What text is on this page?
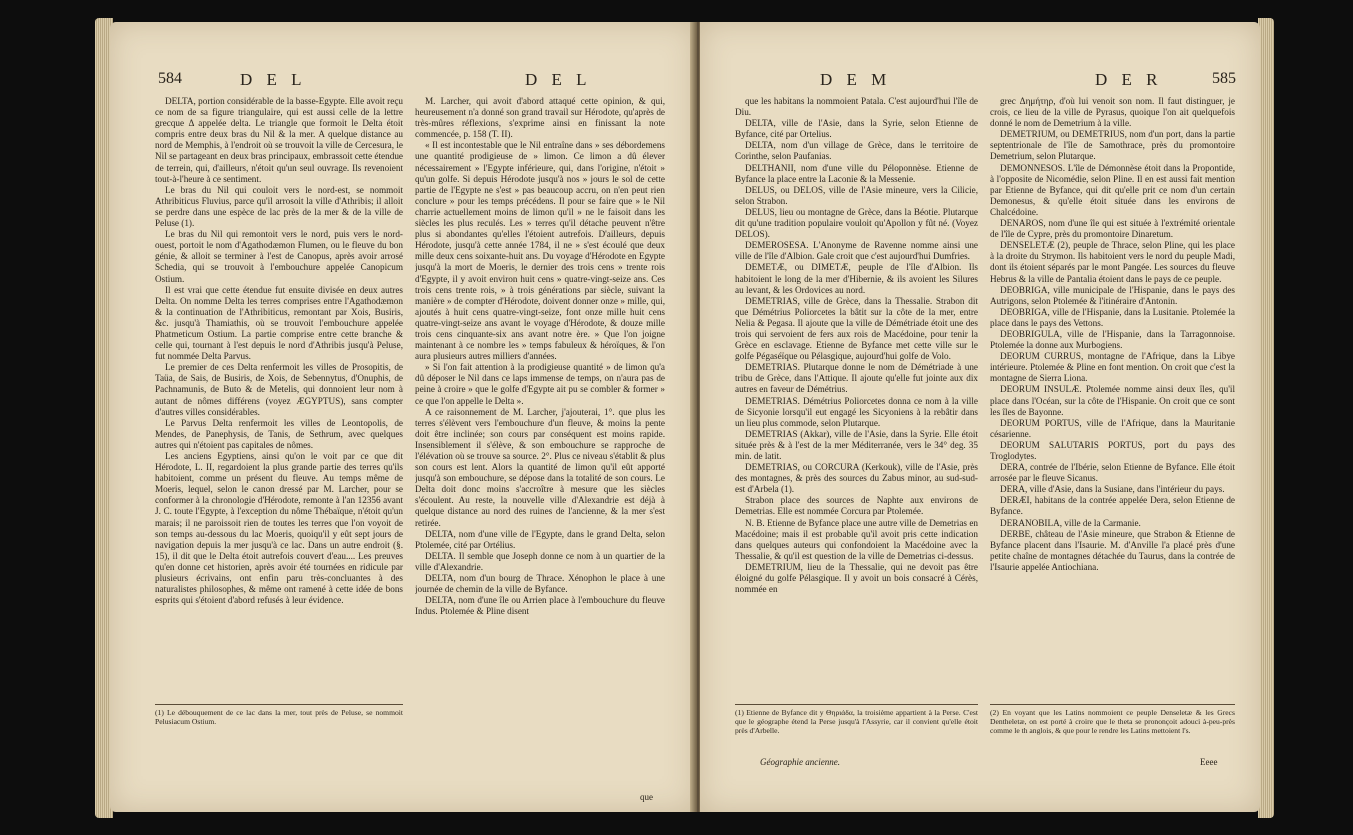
584	D E L	D E L

DELTA, portion considérable de la basse-Egypte. Elle avoit reçu ce nom de sa figure triangulaire, qui est aussi celle de la lettre grecque Δ appelée delta. Le triangle que formoit le Delta étoit compris entre deux bras du Nil & la mer. A quelque distance au nord de Memphis, à l'endroit où se trouvoit la ville de Cercesura, le Nil se partageant en deux bras principaux, embrassoit cette étendue de terrein, qui, d'ailleurs, n'étoit qu'un seul ouvrage. Ils revenoient tout-à-l'heure à ce sentiment.

Le bras du Nil qui couloit vers le nord-est, se nommoit Athribiticus Fluvius, parce qu'il arrosoit la ville d'Athribis; il alloit se perdre dans une espèce de lac près de la mer & de la ville de Peluse (1).

Le bras du Nil qui remontoit vers le nord, puis vers le nord-ouest, portoit le nom d'Agathodæmon Flumen, ou le fleuve du bon génie, & alloit se terminer à l'est de Canopus, après avoir arrosé Schedia, qui se trouvoit à l'embouchure appelée Canopicum Ostium.

Il est vrai que cette étendue fut ensuite divisée en deux autres Delta. On nomme Delta les terres comprises entre l'Agathodæmon & la continuation de l'Athribiticus, remontant par Xois, Busiris, &c. jusqu'à Thamiathis, où se trouvoit l'embouchure appelée Phatmeticum Ostium. La partie comprise entre cette branche & celle qui, tournant à l'est depuis le nord d'Athribis jusqu'à Peluse, fut nommée Delta Parvus.

Le premier de ces Delta renfermoit les villes de Prosopitis, de Taüa, de Sais, de Busiris, de Xois, de Sebennytus, d'Onuphis, de Pachnamunis, de Buto & de Metelis, qui donnoient leur nom à autant de nômes différens (voyez ÆGYPTUS), sans compter d'autres villes considérables.

Le Parvus Delta renfermoit les villes de Leontopolis, de Mendes, de Panephysis, de Tanis, de Sethrum, avec quelques autres qui n'étoient pas capitales de nômes.

Les anciens Egyptiens, ainsi qu'on le voit par ce que dit Hérodote, L. II, regardoient la plus grande partie des terres qu'ils habitoient, comme un présent du fleuve. Au temps même de Moeris, lequel, selon le canon dressé par M. Larcher, pour se conformer à la chronologie d'Hérodote, remonte à l'an 12356 avant J. C. toute l'Egypte, à l'exception du nôme Thébaïque, n'étoit qu'un marais; il ne paroissoit rien de toutes les terres que l'on voyoit de son temps au-dessous du lac Moeris, quoiqu'il y eût sept jours de navigation depuis la mer jusqu'à ce lac. Dans un autre endroit (§. 15), il dit que le Delta étoit autrefois couvert d'eau.... Les preuves qu'en donne cet historien, après avoir été tournées en ridicule par plusieurs écrivains, ont enfin paru très-concluantes à des naturalistes philosophes, & même ont ramené à cette idée de bons esprits qui s'étoient d'abord refusés à leur évidence.

(1) Le débouquement de ce lac dans la mer, tout près de Peluse, se nommoit Pelusiacum Ostium.

M. Larcher, qui avoit d'abord attaqué cette opinion, & qui, heureusement n'a donné son grand travail sur Hérodote, qu'après de très-mûres réflexions, s'exprime ainsi en finissant la note commencée, p. 158 (T. II).

« Il est incontestable que le Nil entraîne dans » ses débordemens une quantité prodigieuse de » limon. Ce limon a dû élever nécessairement » l'Egypte inférieure, qui, dans l'origine, n'étoit » qu'un golfe. Si depuis Hérodote jusqu'à nos » jours le sol de cette partie de l'Egypte ne s'est » pas beaucoup accru, on n'en peut rien conclure » pour les temps précédens. Il pour se faire que » le Nil charrie actuellement moins de limon qu'il » ne le faisoit dans les siècles les plus reculés. Les » terres qu'il détache peuvent n'être plus si abondantes qu'elles l'étoient autrefois. D'ailleurs, depuis Hérodote, jusqu'à cette année 1784, il ne » s'est écoulé que deux mille deux cens soixante-huit ans. Du voyage d'Hérodote en Egypte jusqu'à la mort de Moeris, le dernier des trois cens » trente rois d'Egypte, il y avoit environ huit cens » quatre-vingt-seize ans. Ces trois cens trente rois, » à trois générations par siècle, suivant la manière » de compter d'Hérodote, doivent donner onze » mille, qui, ajoutés à huit cens quatre-vingt-seize, font onze mille huit cens quatre-vingt-seize ans avant le voyage d'Hérodote, & douze mille trois cens cinquante-six ans avant notre ère. » Que l'on joigne maintenant à ce nombre les » temps fabuleux & héroïques, & l'on aura plusieurs autres milliers d'années.

» Si l'on fait attention à la prodigieuse quantité » de limon qu'a dû déposer le Nil dans ce laps immense de temps, on n'aura pas de peine à croire » que le golfe d'Egypte ait pu se combler & former » ce que l'on appelle le Delta ».

A ce raisonnement de M. Larcher, j'ajouterai, 1°. que plus les terres s'élèvent vers l'embouchure d'un fleuve, & moins la pente doit être inclinée; son cours par conséquent est moins rapide. Insensiblement il s'élève, & son embouchure se rapproche de l'élévation où se trouve sa source. 2°. Plus ce niveau s'établit & plus son cours est lent. Alors la quantité de limon qu'il eût apporté jusqu'à son embouchure, se dépose dans la totalité de son cours. Le Delta doit donc moins s'accroître à mesure que les siècles s'écoulent. Au reste, la nouvelle ville d'Alexandrie est déjà à quelque distance au nord des ruines de l'ancienne, & la mer s'est retirée.

DELTA, nom d'une ville de l'Egypte, dans le grand Delta, selon Ptolemée, cité par Ortélius.

DELTA. Il semble que Joseph donne ce nom à un quartier de la ville d'Alexandrie.

DELTA, nom d'un bourg de Thrace. Xénophon le place à une journée de chemin de la ville de Byfance.

DELTA, nom d'une île ou Arrien place à l'embouchure du fleuve Indus. Ptolemée & Pline disent

que
D E M	D E R	585

que les habitans la nommoient Patala. C'est aujourd'hui l'île de Diu.

DELTA, ville de l'Asie, dans la Syrie, selon Etienne de Byfance, cité par Ortelius.

DELTA, nom d'un village de Grèce, dans le territoire de Corinthe, selon Paufanias.

DELTHANII, nom d'une ville du Péloponnèse. Etienne de Byfance la place entre la Laconie & la Messenie.

DELUS, ou DELOS, ville de l'Asie mineure, vers la Cilicie, selon Strabon.

DELUS, lieu ou montagne de Grèce, dans la Béotie. Plutarque dit qu'une tradition populaire vouloit qu'Apollon y fût né. (Voyez DELOS).

DEMEROSESA. L'Anonyme de Ravenne nomme ainsi une ville de l'île d'Albion. Gale croit que c'est aujourd'hui Dumfries.

DEMETÆ, ou DIMETÆ, peuple de l'île d'Albion. Ils habitoient le long de la mer d'Hibernie, & ils avoient les Silures au levant, & les Ordovices au nord.

DEMETRIAS, ville de Grèce, dans la Thessalie. Strabon dit que Démétrius Poliorcetes la bâtit sur la côte de la mer, entre Nelia & Pegasa. Il ajoute que la ville de Démétriade étoit une des trois qui servoient de fers aux rois de Macédoine, pour tenir la Grèce en esclavage. Etienne de Byfance met cette ville sur le golfe Pégaséïque ou Pélasgique, aujourd'hui golfe de Volo.

DEMETRIAS. Plutarque donne le nom de Démétriade à une tribu de Grèce, dans l'Attique. Il ajoute qu'elle fut jointe aux dix autres en faveur de Démétrius.

DEMETRIAS. Démétrius Poliorcetes donna ce nom à la ville de Sicyonie lorsqu'il eut engagé les Sicyoniens à la rebâtir dans un lieu plus commode, selon Plutarque.

DEMETRIAS (Akkar), ville de l'Asie, dans la Syrie. Elle étoit située près & à l'est de la mer Méditerranée, vers le 34° deg. 35 min. de latit.

DEMETRIAS, ou CORCURA (Kerkouk), ville de l'Asie, près des montagnes, & près des sources du Zabus minor, au sud-sud-est d'Arbela (1).

Strabon place des sources de Naphte aux environs de Demetrias. Elle est nommée Corcura par Ptolemée.

N. B. Etienne de Byfance place une autre ville de Demetrias en Macédoine; mais il est probable qu'il avoit pris cette indication dans quelques auteurs qui confondoient la Macédoine avec la Thessalie, & qu'il est question de la ville de Demetrias ci-dessus.

DEMETRIUM, lieu de la Thessalie, qui ne devoit pas être éloigné du golfe Pélasgique. Il y avoit un bois consacré à Cérès, nommée en

(1) Etienne de Byfance dit y Θηριάδα, la troisième appartient à la Perse. C'est que le géographe étend la Perse jusqu'à l'Assyrie, car il convient qu'elle étoit près d'Arbelle.

Géographie ancienne.

grec Δημήτηρ, d'où lui venoit son nom. Il faut distinguer, je crois, ce lieu de la ville de Pyrasus, quoique l'on ait quelquefois donné le nom de Demetrium à la ville.

DEMETRIUM, ou DEMETRIUS, nom d'un port, dans la partie septentrionale de l'île de Samothrace, près du promontoire Demetrium, selon Plutarque.

DEMONNESOS. L'île de Démonnèse étoit dans la Propontide, à l'opposite de Nicomédie, selon Pline. Il en est aussi fait mention par Etienne de Byfance, qui dit qu'elle prit ce nom d'un certain Demonesus, & qu'elle étoit située dans les environs de Chalcédoine.

DENAROS, nom d'une île qui est située à l'extrémité orientale de l'île de Cypre, près du promontoire Dinaretum.

DENSELETÆ (2), peuple de Thrace, selon Pline, qui les place à la droite du Strymon. Ils habitoient vers le nord du peuple Madi, dont ils étoient séparés par le mont Pangée. Les sources du fleuve Hebrus & la ville de Pantalia étoient dans le pays de ce peuple.

DEOBRIGA, ville municipale de l'Hispanie, dans le pays des Autrigons, selon Ptolemée & l'itinéraire d'Antonin.

DEOBRIGA, ville de l'Hispanie, dans la Lusitanie. Ptolemée la place dans le pays des Vettons.

DEOBRIGULA, ville de l'Hispanie, dans la Tarragonnoise. Ptolemée la donne aux Murbogiens.

DEORUM CURRUS, montagne de l'Afrique, dans la Libye intérieure. Ptolemée & Pline en font mention. On croit que c'est la montagne de Sierra Liona.

DEORUM INSULÆ. Ptolemée nomme ainsi deux îles, qu'il place dans l'Océan, sur la côte de l'Hispanie. On croit que ce sont les îles de Bayonne.

DEORUM PORTUS, ville de l'Afrique, dans la Mauritanie césarienne.

DEORUM SALUTARIS PORTUS, port du pays des Troglodytes.

DERA, contrée de l'Ibérie, selon Etienne de Byfance. Elle étoit arrosée par le fleuve Sicanus.

DERA, ville d'Asie, dans la Susiane, dans l'intérieur du pays.

DERÆI, habitans de la contrée appelée Dera, selon Etienne de Byfance.

DERANOBILA, ville de la Carmanie.

DERBE, château de l'Asie mineure, que Strabon & Etienne de Byfance placent dans l'Isaurie. M. d'Anville l'a placé près d'une petite chaîne de montagnes détachée du Taurus, dans la contrée de l'Isaurie appelée Antiochiana.

(2) En voyant que les Latins nommoient ce peuple Denseletæ & les Grecs Dentheletæ, on est porté à croire que le theta se prononçoit adouci à-peu-près comme le th anglois, & que pour le rendre les Latins mettoient l's.

Eeee
